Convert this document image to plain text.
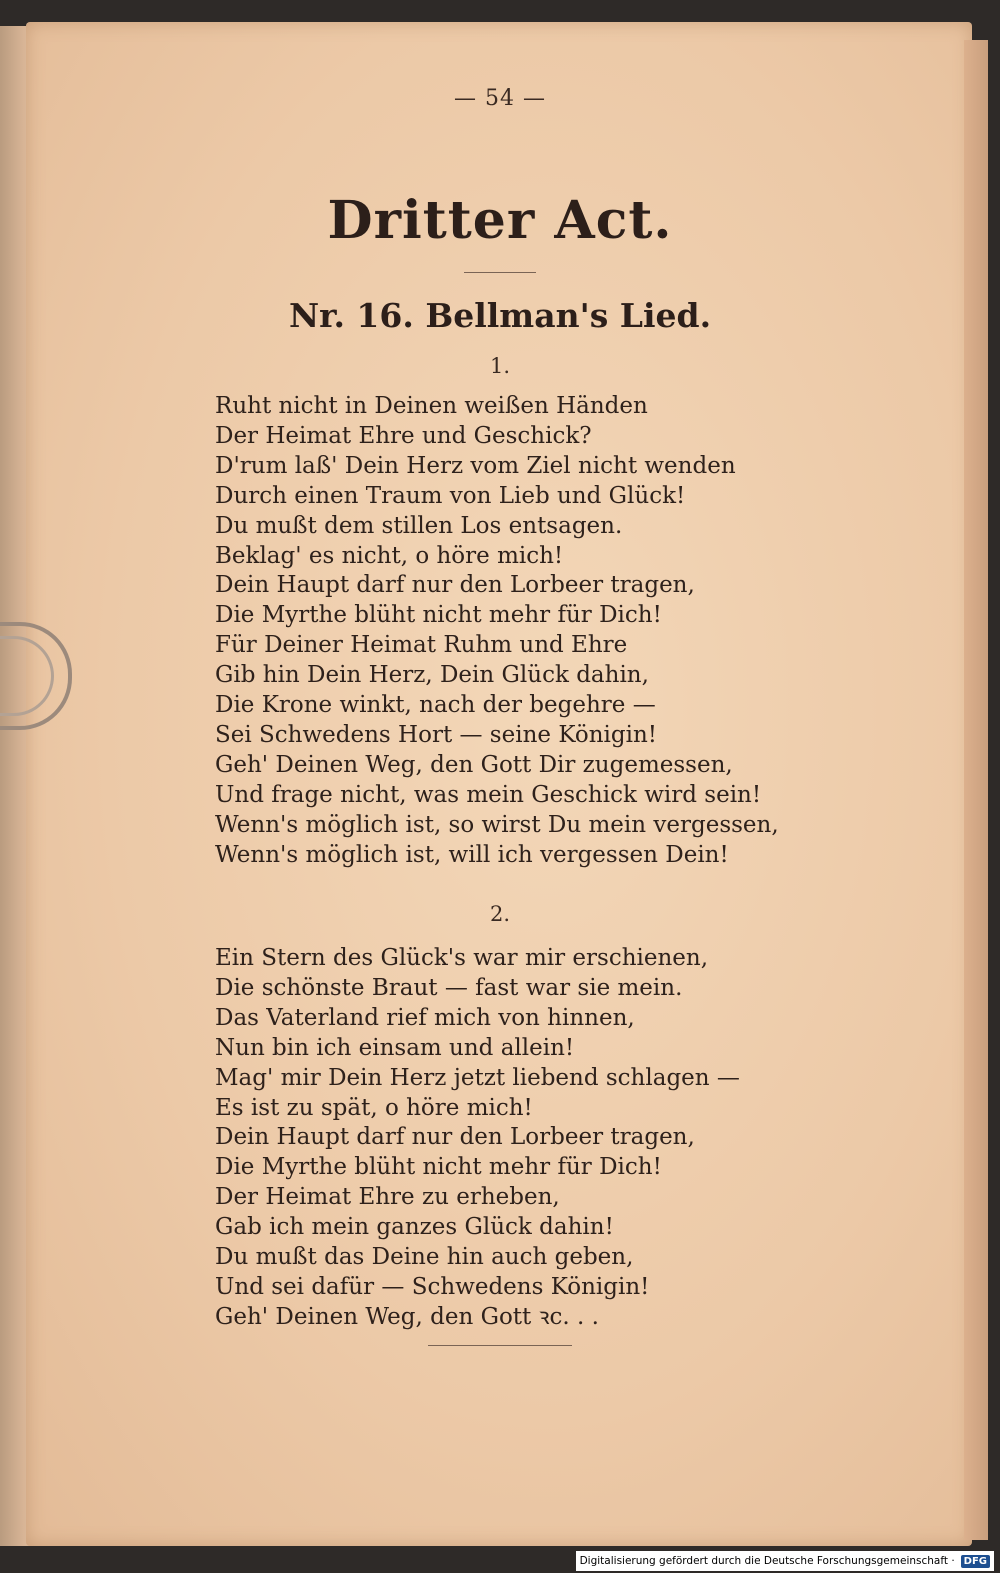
— 54 —
Dritter Act.
Nr. 16. Bellman's Lied.
1.
Ruht nicht in Deinen weißen Händen
Der Heimat Ehre und Geschick?
D'rum laß' Dein Herz vom Ziel nicht wenden
Durch einen Traum von Lieb und Glück!
Du mußt dem stillen Los entsagen.
Beklag' es nicht, o höre mich!
Dein Haupt darf nur den Lorbeer tragen,
Die Myrthe blüht nicht mehr für Dich!
Für Deiner Heimat Ruhm und Ehre
Gib hin Dein Herz, Dein Glück dahin,
Die Krone winkt, nach der begehre —
Sei Schwedens Hort — seine Königin!
Geh' Deinen Weg, den Gott Dir zugemessen,
Und frage nicht, was mein Geschick wird sein!
Wenn's möglich ist, so wirst Du mein vergessen,
Wenn's möglich ist, will ich vergessen Dein!
2.
Ein Stern des Glück's war mir erschienen,
Die schönste Braut — fast war sie mein.
Das Vaterland rief mich von hinnen,
Nun bin ich einsam und allein!
Mag' mir Dein Herz jetzt liebend schlagen —
Es ist zu spät, o höre mich!
Dein Haupt darf nur den Lorbeer tragen,
Die Myrthe blüht nicht mehr für Dich!
Der Heimat Ehre zu erheben,
Gab ich mein ganzes Glück dahin!
Du mußt das Deine hin auch geben,
Und sei dafür — Schwedens Königin!
Geh' Deinen Weg, den Gott ꝛc. . .
Digitalisierung gefördert durch die Deutsche Forschungsgemeinschaft · DFG
